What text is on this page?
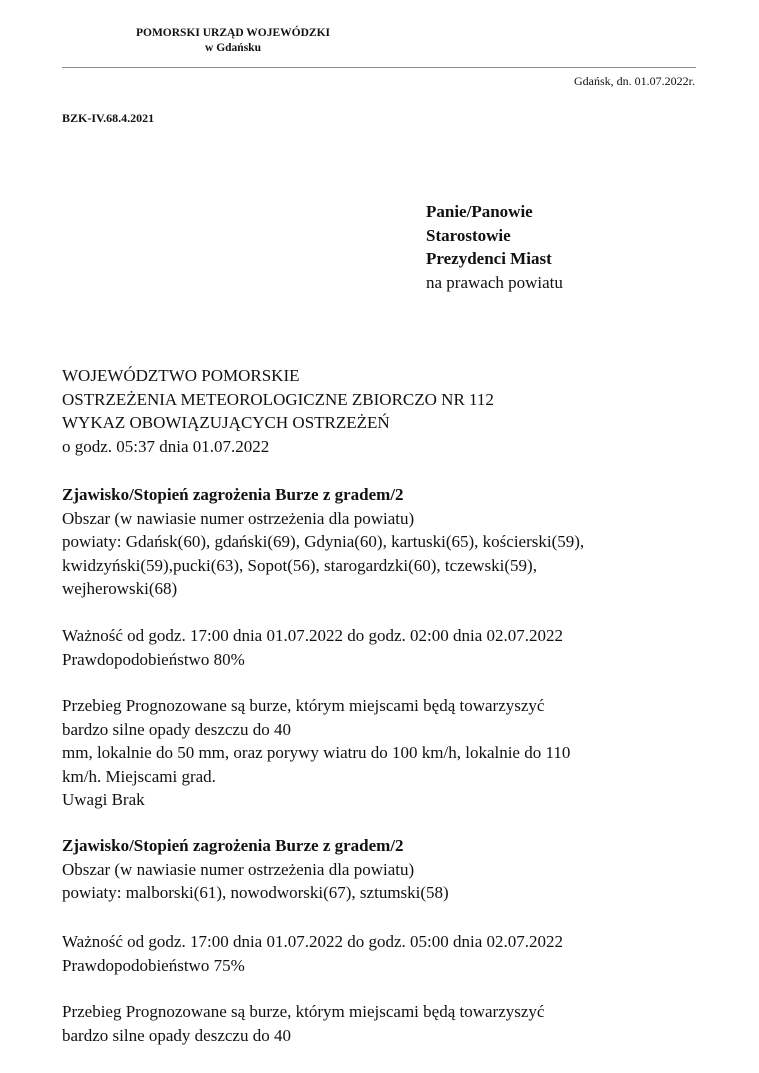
POMORSKI URZĄD WOJEWÓDZKI
w Gdańsku
Gdańsk, dn. 01.07.2022r.
BZK-IV.68.4.2021
Panie/Panowie
Starostowie
Prezydenci Miast
na prawach powiatu
WOJEWÓDZTWO POMORSKIE
OSTRZEŻENIA METEOROLOGICZNE ZBIORCZO NR 112
WYKAZ OBOWIĄZUJĄCYCH OSTRZEŻEŃ
o godz. 05:37 dnia 01.07.2022
Zjawisko/Stopień zagrożenia Burze z gradem/2
Obszar (w nawiasie numer ostrzeżenia dla powiatu)
powiaty: Gdańsk(60), gdański(69), Gdynia(60), kartuski(65), kościerski(59),
kwidzyński(59),pucki(63), Sopot(56), starogardzki(60), tczewski(59),
wejherowski(68)
Ważność od godz. 17:00 dnia 01.07.2022 do godz. 02:00 dnia 02.07.2022
Prawdopodobieństwo 80%
Przebieg Prognozowane są burze, którym miejscami będą towarzyszyć
bardzo silne opady deszczu do 40
mm, lokalnie do 50 mm, oraz porywy wiatru do 100 km/h, lokalnie do 110
km/h. Miejscami grad.
Uwagi Brak
Zjawisko/Stopień zagrożenia Burze z gradem/2
Obszar (w nawiasie numer ostrzeżenia dla powiatu)
powiaty: malborski(61), nowodworski(67), sztumski(58)
Ważność od godz. 17:00 dnia 01.07.2022 do godz. 05:00 dnia 02.07.2022
Prawdopodobieństwo 75%
Przebieg Prognozowane są burze, którym miejscami będą towarzyszyć
bardzo silne opady deszczu do 40
